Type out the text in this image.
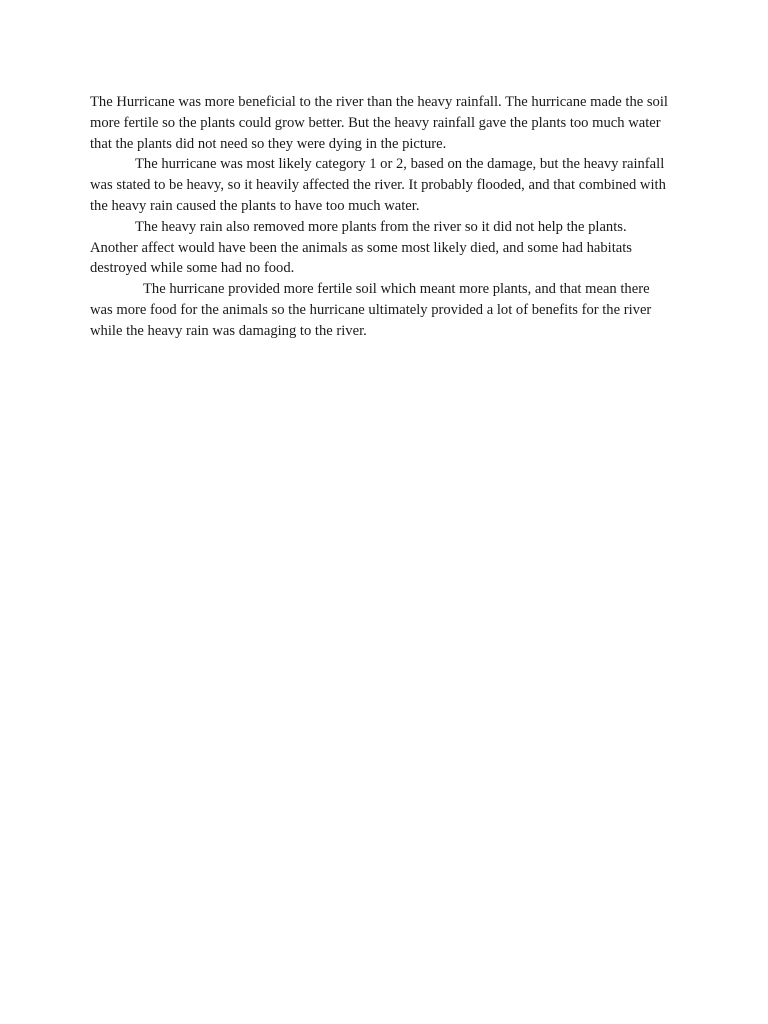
The Hurricane was more beneficial to the river than the heavy rainfall. The hurricane made the soil more fertile so the plants could grow better. But the heavy rainfall gave the plants too much water that the plants did not need so they were dying in the picture.

The hurricane was most likely category 1 or 2, based on the damage, but the heavy rainfall was stated to be heavy, so it heavily affected the river. It probably flooded, and that combined with the heavy rain caused the plants to have too much water.

The heavy rain also removed more plants from the river so it did not help the plants. Another affect would have been the animals as some most likely died, and some had habitats destroyed while some had no food.

The hurricane provided more fertile soil which meant more plants, and that mean there was more food for the animals so the hurricane ultimately provided a lot of benefits for the river while the heavy rain was damaging to the river.
